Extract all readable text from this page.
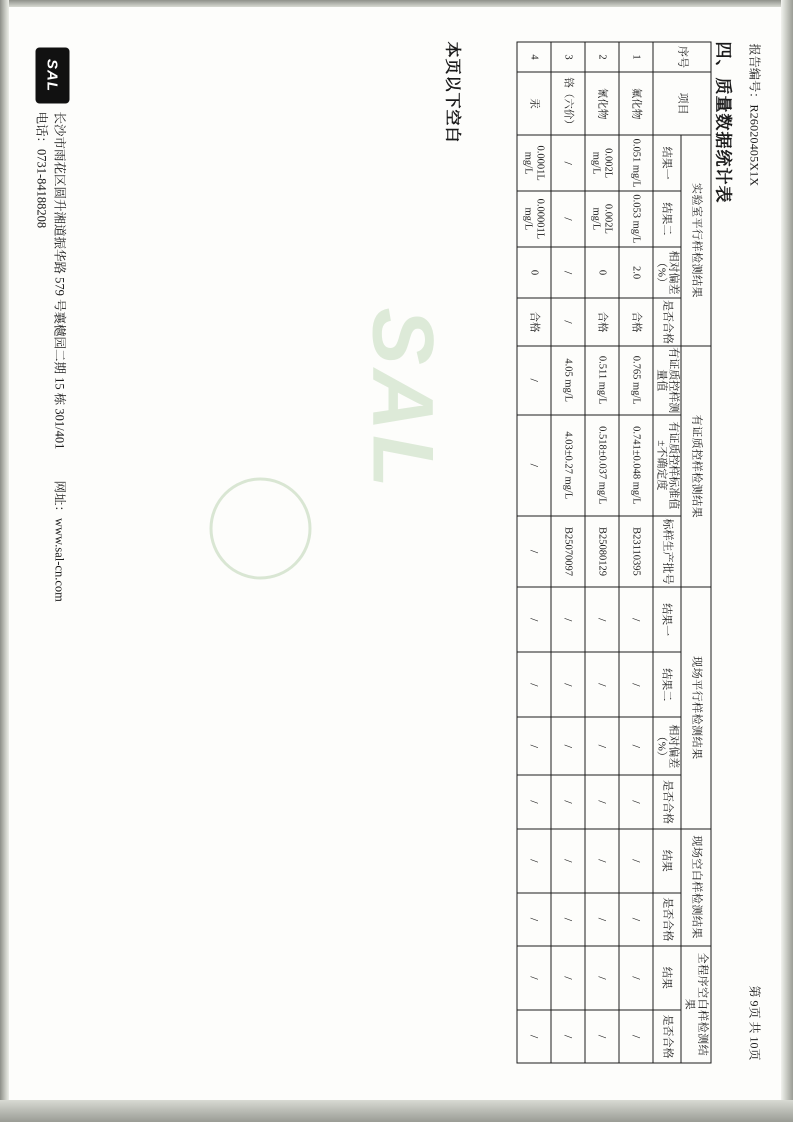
SAL
报告编号：R26020405X1X
第 9页 共 10页
四、质量数据统计表
序号	项目	实验室平行样检测结果				有证质控样检测结果			现场平行样检测结果				现场空白样检测结果		全程序空白样检测结果	
		结果一	结果二	相对偏差（%）	是否合格	有证质控样测量值	有证质控样标准值±不确定度	标样生产批号	结果一	结果二	相对偏差（%）	是否合格	结果	是否合格	结果	是否合格
1	氟化物	0.051 mg/L	0.053 mg/L	2.0	合格	0.765 mg/L	0.741±0.048 mg/L	B23110395	/	/	/	/	/	/	/	/
2	氰化物	0.002L mg/L	0.002L mg/L	0	合格	0.511 mg/L	0.518±0.037 mg/L	B25080129	/	/	/	/	/	/	/	/
3	铬（六价）	/	/	/	/	4.05 mg/L	4.03±0.27 mg/L	B25070097	/	/	/	/	/	/	/	/
4	汞	0.0001L mg/L	0.00001L mg/L	0	合格	/	/	/	/	/	/	/	/	/	/	/
本页以下空白
SAL
长沙市雨花区圆升湘道振华路 579 号襄樾园二期 15 栋 301/401 网址：www.sal-cn.com
电话：0731-84188208
